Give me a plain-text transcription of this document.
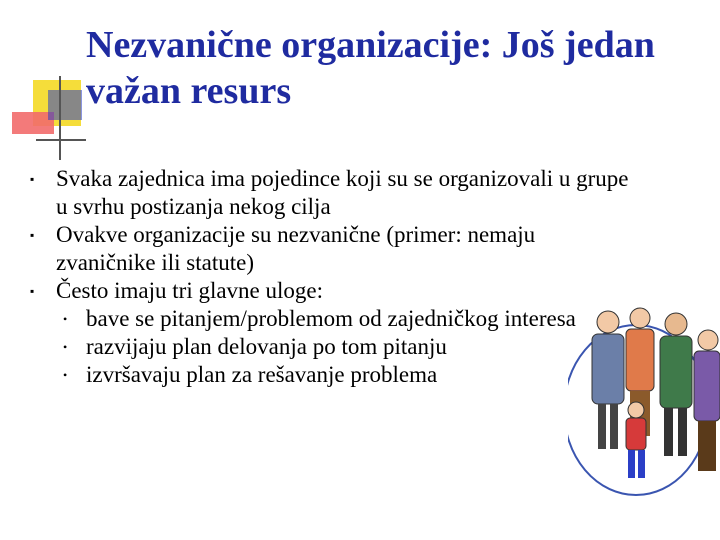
Nezvanične organizacije: Još jedan važan resurs
▪ Svaka zajednica ima pojedince koji su se organizovali u grupe u svrhu postizanja nekog cilja
▪ Ovakve organizacije su nezvanične (primer: nemaju zvaničnike ili statute)
▪ Često imaju tri glavne uloge:
• bave se pitanjem/problemom od zajedničkog interesa
• razvijaju plan delovanja po tom pitanju
• izvršavaju plan za rešavanje problema
